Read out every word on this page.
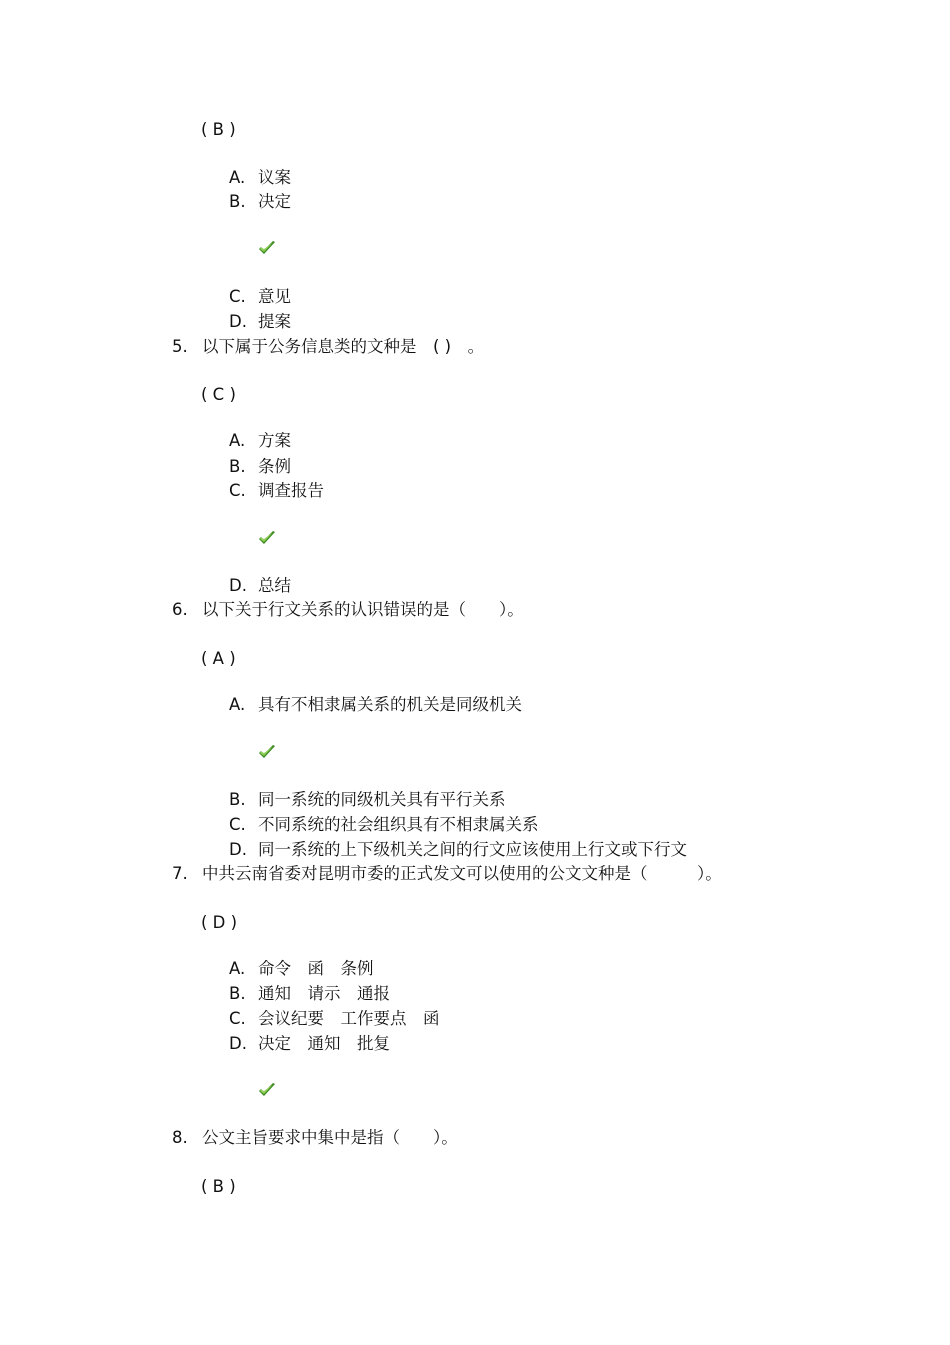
( B )
A. 议案
B. 决定
C. 意见
D. 提案
5. 以下属于公务信息类的文种是　( )　。
( C )
A. 方案
B. 条例
C. 调查报告
D. 总结
6. 以下关于行文关系的认识错误的是（　　）。
( A )
A. 具有不相隶属关系的机关是同级机关
B. 同一系统的同级机关具有平行关系
C. 不同系统的社会组织具有不相隶属关系
D. 同一系统的上下级机关之间的行文应该使用上行文或下行文
7. 中共云南省委对昆明市委的正式发文可以使用的公文文种是（　　　）。
( D )
A. 命令　函　条例
B. 通知　请示　通报
C. 会议纪要　工作要点　函
D. 决定　通知　批复
8. 公文主旨要求中集中是指（　　）。
( B )
